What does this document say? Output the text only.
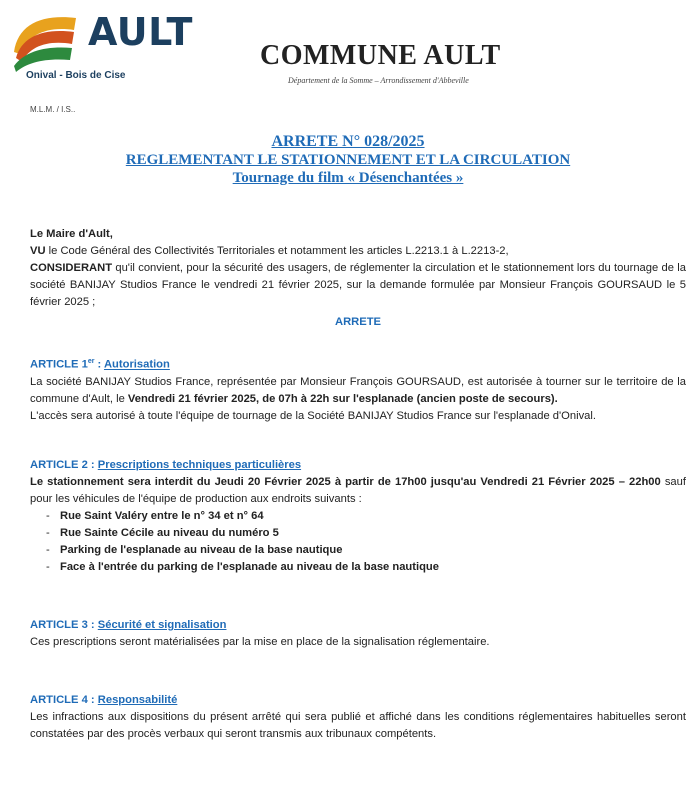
AULT
Onival - Bois de Cise
M.L.M. / I.S..
COMMUNE AULT
Département de la Somme – Arrondissement d'Abbeville
ARRETE N° 028/2025
REGLEMENTANT LE STATIONNEMENT ET LA CIRCULATION
Tournage du film « Désenchantées »
Le Maire d'Ault,
VU le Code Général des Collectivités Territoriales et notamment les articles L.2213.1 à L.2213-2,
CONSIDERANT qu'il convient, pour la sécurité des usagers, de réglementer la circulation et le stationnement lors du tournage de la société BANIJAY Studios France le vendredi 21 février 2025, sur la demande formulée par Monsieur François GOURSAUD le 5 février 2025 ;
ARRETE
ARTICLE 1er : Autorisation
La société BANIJAY Studios France, représentée par Monsieur François GOURSAUD, est autorisée à tourner sur le territoire de la commune d'Ault, le Vendredi 21 février 2025, de 07h à 22h sur l'esplanade (ancien poste de secours).
L'accès sera autorisé à toute l'équipe de tournage de la Société BANIJAY Studios France sur l'esplanade d'Onival.
ARTICLE 2 : Prescriptions techniques particulières
Le stationnement sera interdit du Jeudi 20 Février 2025 à partir de 17h00 jusqu'au Vendredi 21 Février 2025 – 22h00 sauf pour les véhicules de l'équipe de production aux endroits suivants :
- Rue Saint Valéry entre le n° 34 et n° 64
- Rue Sainte Cécile au niveau du numéro 5
- Parking de l'esplanade au niveau de la base nautique
- Face à l'entrée du parking de l'esplanade au niveau de la base nautique
ARTICLE 3 : Sécurité et signalisation
Ces prescriptions seront matérialisées par la mise en place de la signalisation réglementaire.
ARTICLE 4 : Responsabilité
Les infractions aux dispositions du présent arrêté qui sera publié et affiché dans les conditions réglementaires habituelles seront constatées par des procès verbaux qui seront transmis aux tribunaux compétents.
